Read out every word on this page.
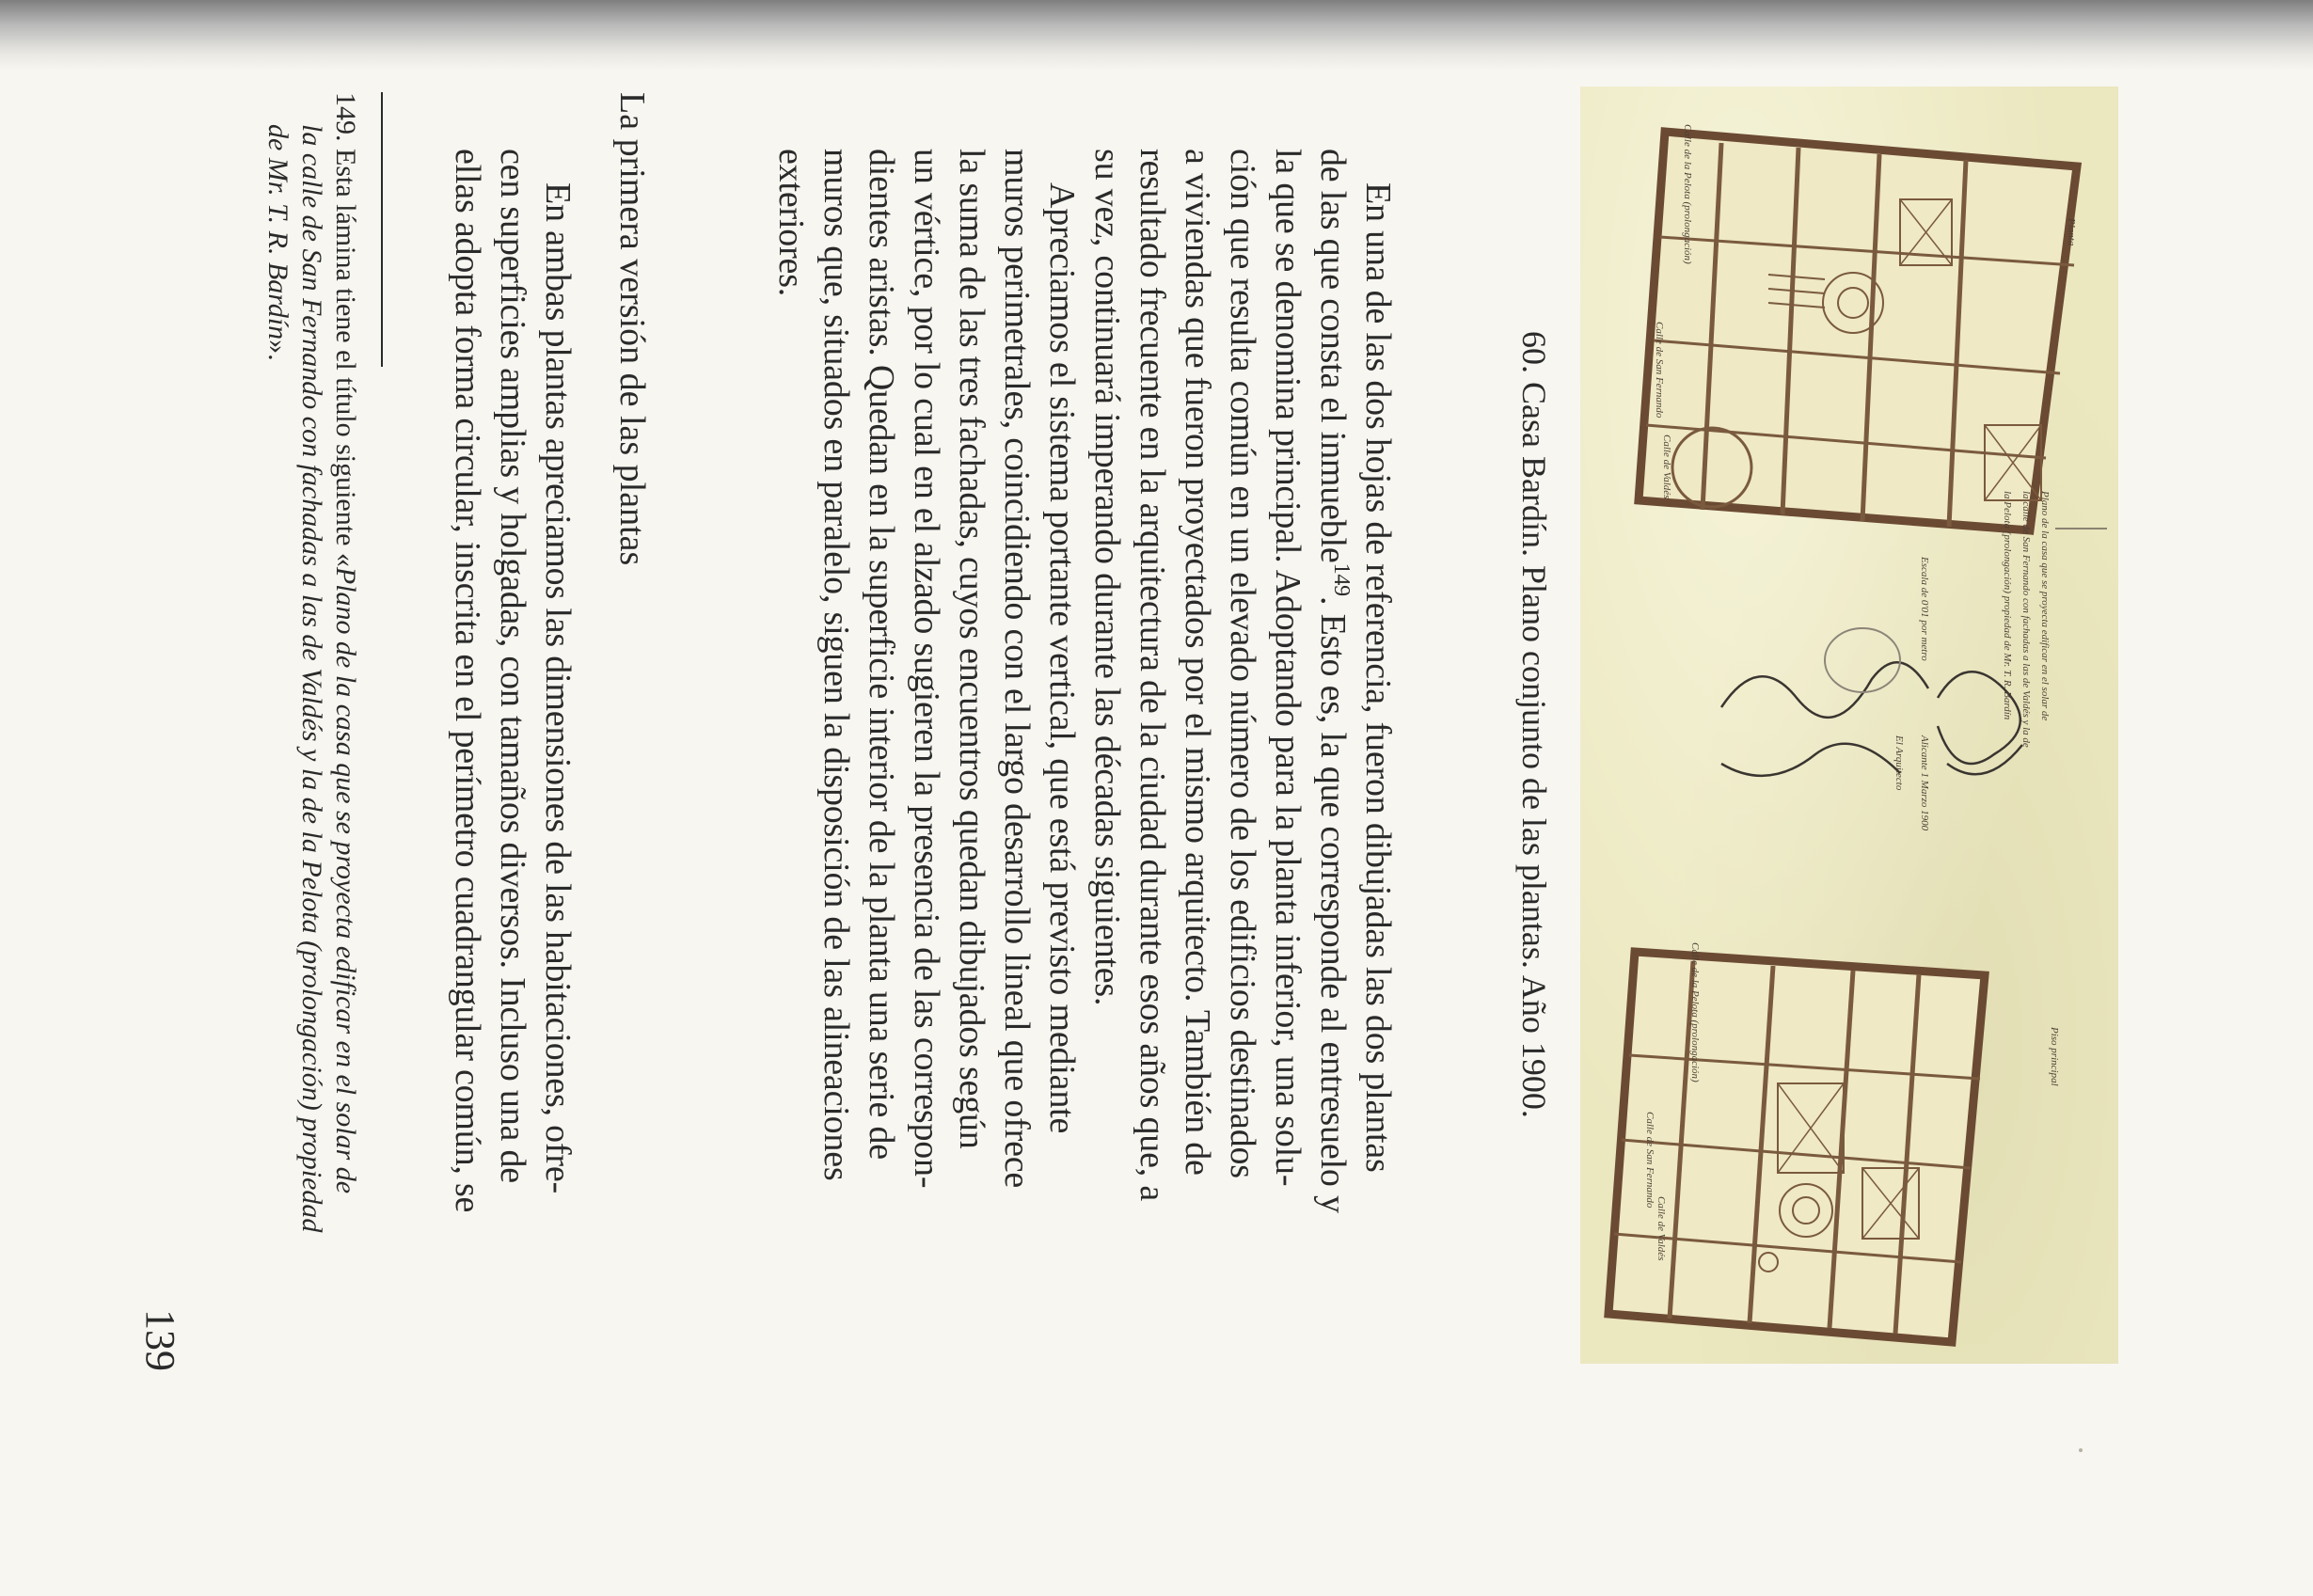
Calle de la Pelota (prolongación)	Planta
Plano de la casa que se proyecta edificar en el solar de
la calle de San Fernando con fachadas a las de Valdés y la de
la Pelota (prolongación) propiedad de Mr. T. R. Bardín
Escala de 0'01 por metro
Alicante 1 Marzo 1900
El Arquitecto
Calle de la Pelota (prolongación)	Piso principal
Calle de San Fernando
Calle de San Fernando
Calle de Valdés
Calle de Valdés
60. Casa Bardín. Plano conjunto de las plantas. Año 1900.
En una de las dos hojas de referencia, fueron dibujadas las dos plantas
de las que consta el inmueble$^{149}$. Esto es, la que corresponde al entresuelo y
la que se denomina principal. Adoptando para la planta inferior, una solu-
ción que resulta común en un elevado número de los edificios destinados
a viviendas que fueron proyectados por el mismo arquitecto. También de
resultado frecuente en la arquitectura de la ciudad durante esos años que, a
su vez, continuará imperando durante las décadas siguientes.
Apreciamos el sistema portante vertical, que está previsto mediante
muros perimetrales, coincidiendo con el largo desarrollo lineal que ofrece
la suma de las tres fachadas, cuyos encuentros quedan dibujados según
un vértice, por lo cual en el alzado sugieren la presencia de las correspon-
dientes aristas. Quedan en la superficie interior de la planta una serie de
muros que, situados en paralelo, siguen la disposición de las alineaciones
exteriores.
La primera versión de las plantas
En ambas plantas apreciamos las dimensiones de las habitaciones, ofre-
cen superficies amplias y holgadas, con tamaños diversos. Incluso una de
ellas adopta forma circular, inscrita en el perímetro cuadrangular común, se
149. Esta lámina tiene el título siguiente «Plano de la casa que se proyecta edificar en el solar de
la calle de San Fernando con fachadas a las de Valdés y la de la Pelota (prolongación) propiedad
de Mr. T. R. Bardín».
139
